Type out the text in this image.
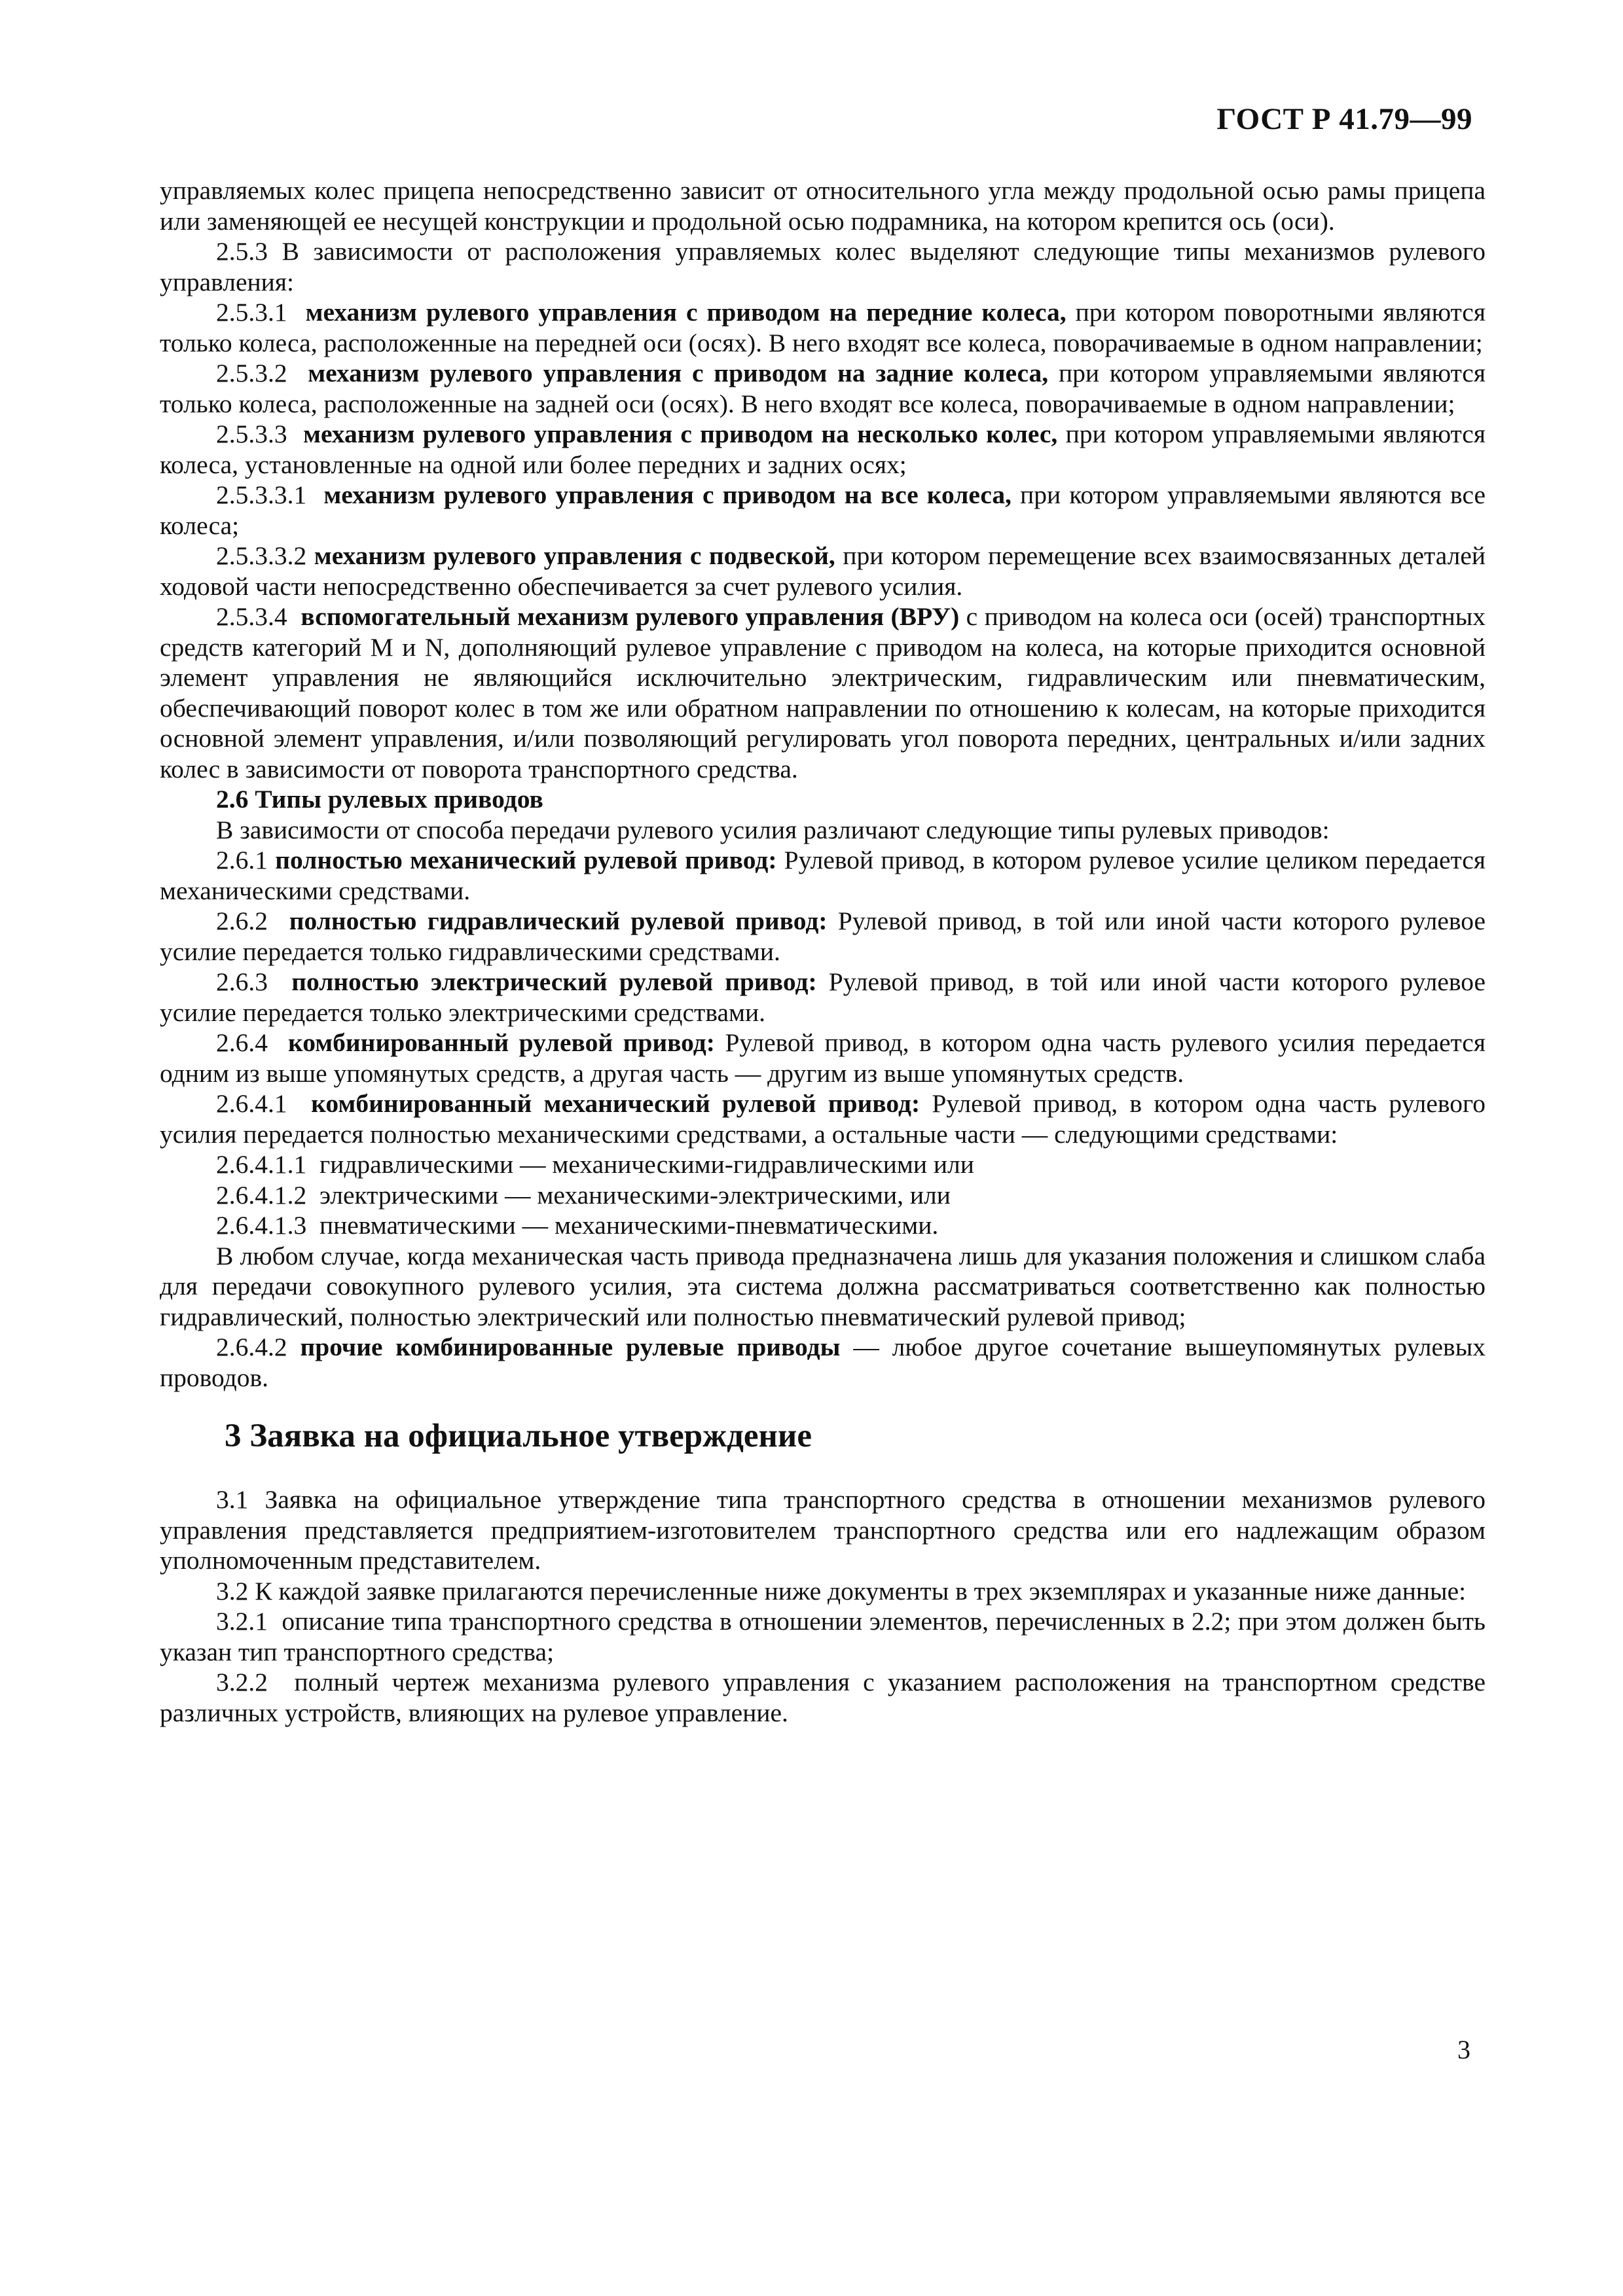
ГОСТ Р 41.79—99

управляемых колес прицепа непосредственно зависит от относительного угла между продольной осью рамы прицепа или заменяющей ее несущей конструкции и продольной осью подрамника, на котором крепится ось (оси).

2.5.3 В зависимости от расположения управляемых колес выделяют следующие типы механизмов рулевого управления:

2.5.3.1 механизм рулевого управления с приводом на передние колеса, при котором поворотными являются только колеса, расположенные на передней оси (осях). В него входят все колеса, поворачиваемые в одном направлении;

2.5.3.2 механизм рулевого управления с приводом на задние колеса, при котором управляемыми являются только колеса, расположенные на задней оси (осях). В него входят все колеса, поворачиваемые в одном направлении;

2.5.3.3 механизм рулевого управления с приводом на несколько колес, при котором управляемыми являются колеса, установленные на одной или более передних и задних осях;

2.5.3.3.1 механизм рулевого управления с приводом на все колеса, при котором управляемыми являются все колеса;

2.5.3.3.2 механизм рулевого управления с подвеской, при котором перемещение всех взаимосвязанных деталей ходовой части непосредственно обеспечивается за счет рулевого усилия.

2.5.3.4 вспомогательный механизм рулевого управления (ВРУ) с приводом на колеса оси (осей) транспортных средств категорий M и N, дополняющий рулевое управление с приводом на колеса, на которые приходится основной элемент управления не являющийся исключительно электрическим, гидравлическим или пневматическим, обеспечивающий поворот колес в том же или обратном направлении по отношению к колесам, на которые приходится основной элемент управления, и/или позволяющий регулировать угол поворота передних, центральных и/или задних колес в зависимости от поворота транспортного средства.

2.6 Типы рулевых приводов

В зависимости от способа передачи рулевого усилия различают следующие типы рулевых приводов:

2.6.1 полностью механический рулевой привод: Рулевой привод, в котором рулевое усилие целиком передается механическими средствами.

2.6.2 полностью гидравлический рулевой привод: Рулевой привод, в той или иной части которого рулевое усилие передается только гидравлическими средствами.

2.6.3 полностью электрический рулевой привод: Рулевой привод, в той или иной части которого рулевое усилие передается только электрическими средствами.

2.6.4 комбинированный рулевой привод: Рулевой привод, в котором одна часть рулевого усилия передается одним из выше упомянутых средств, а другая часть — другим из выше упомянутых средств.

2.6.4.1 комбинированный механический рулевой привод: Рулевой привод, в котором одна часть рулевого усилия передается полностью механическими средствами, а остальные части — следующими средствами:

2.6.4.1.1 гидравлическими — механическими-гидравлическими или

2.6.4.1.2 электрическими — механическими-электрическими, или

2.6.4.1.3 пневматическими — механическими-пневматическими.

В любом случае, когда механическая часть привода предназначена лишь для указания положения и слишком слаба для передачи совокупного рулевого усилия, эта система должна рассматриваться соответственно как полностью гидравлический, полностью электрический или полностью пневматический рулевой привод;

2.6.4.2 прочие комбинированные рулевые приводы — любое другое сочетание вышеупомянутых рулевых проводов.

3 Заявка на официальное утверждение

3.1 Заявка на официальное утверждение типа транспортного средства в отношении механизмов рулевого управления представляется предприятием-изготовителем транспортного средства или его надлежащим образом уполномоченным представителем.

3.2 К каждой заявке прилагаются перечисленные ниже документы в трех экземплярах и указанные ниже данные:

3.2.1 описание типа транспортного средства в отношении элементов, перечисленных в 2.2; при этом должен быть указан тип транспортного средства;

3.2.2 полный чертеж механизма рулевого управления с указанием расположения на транспортном средстве различных устройств, влияющих на рулевое управление.

3
